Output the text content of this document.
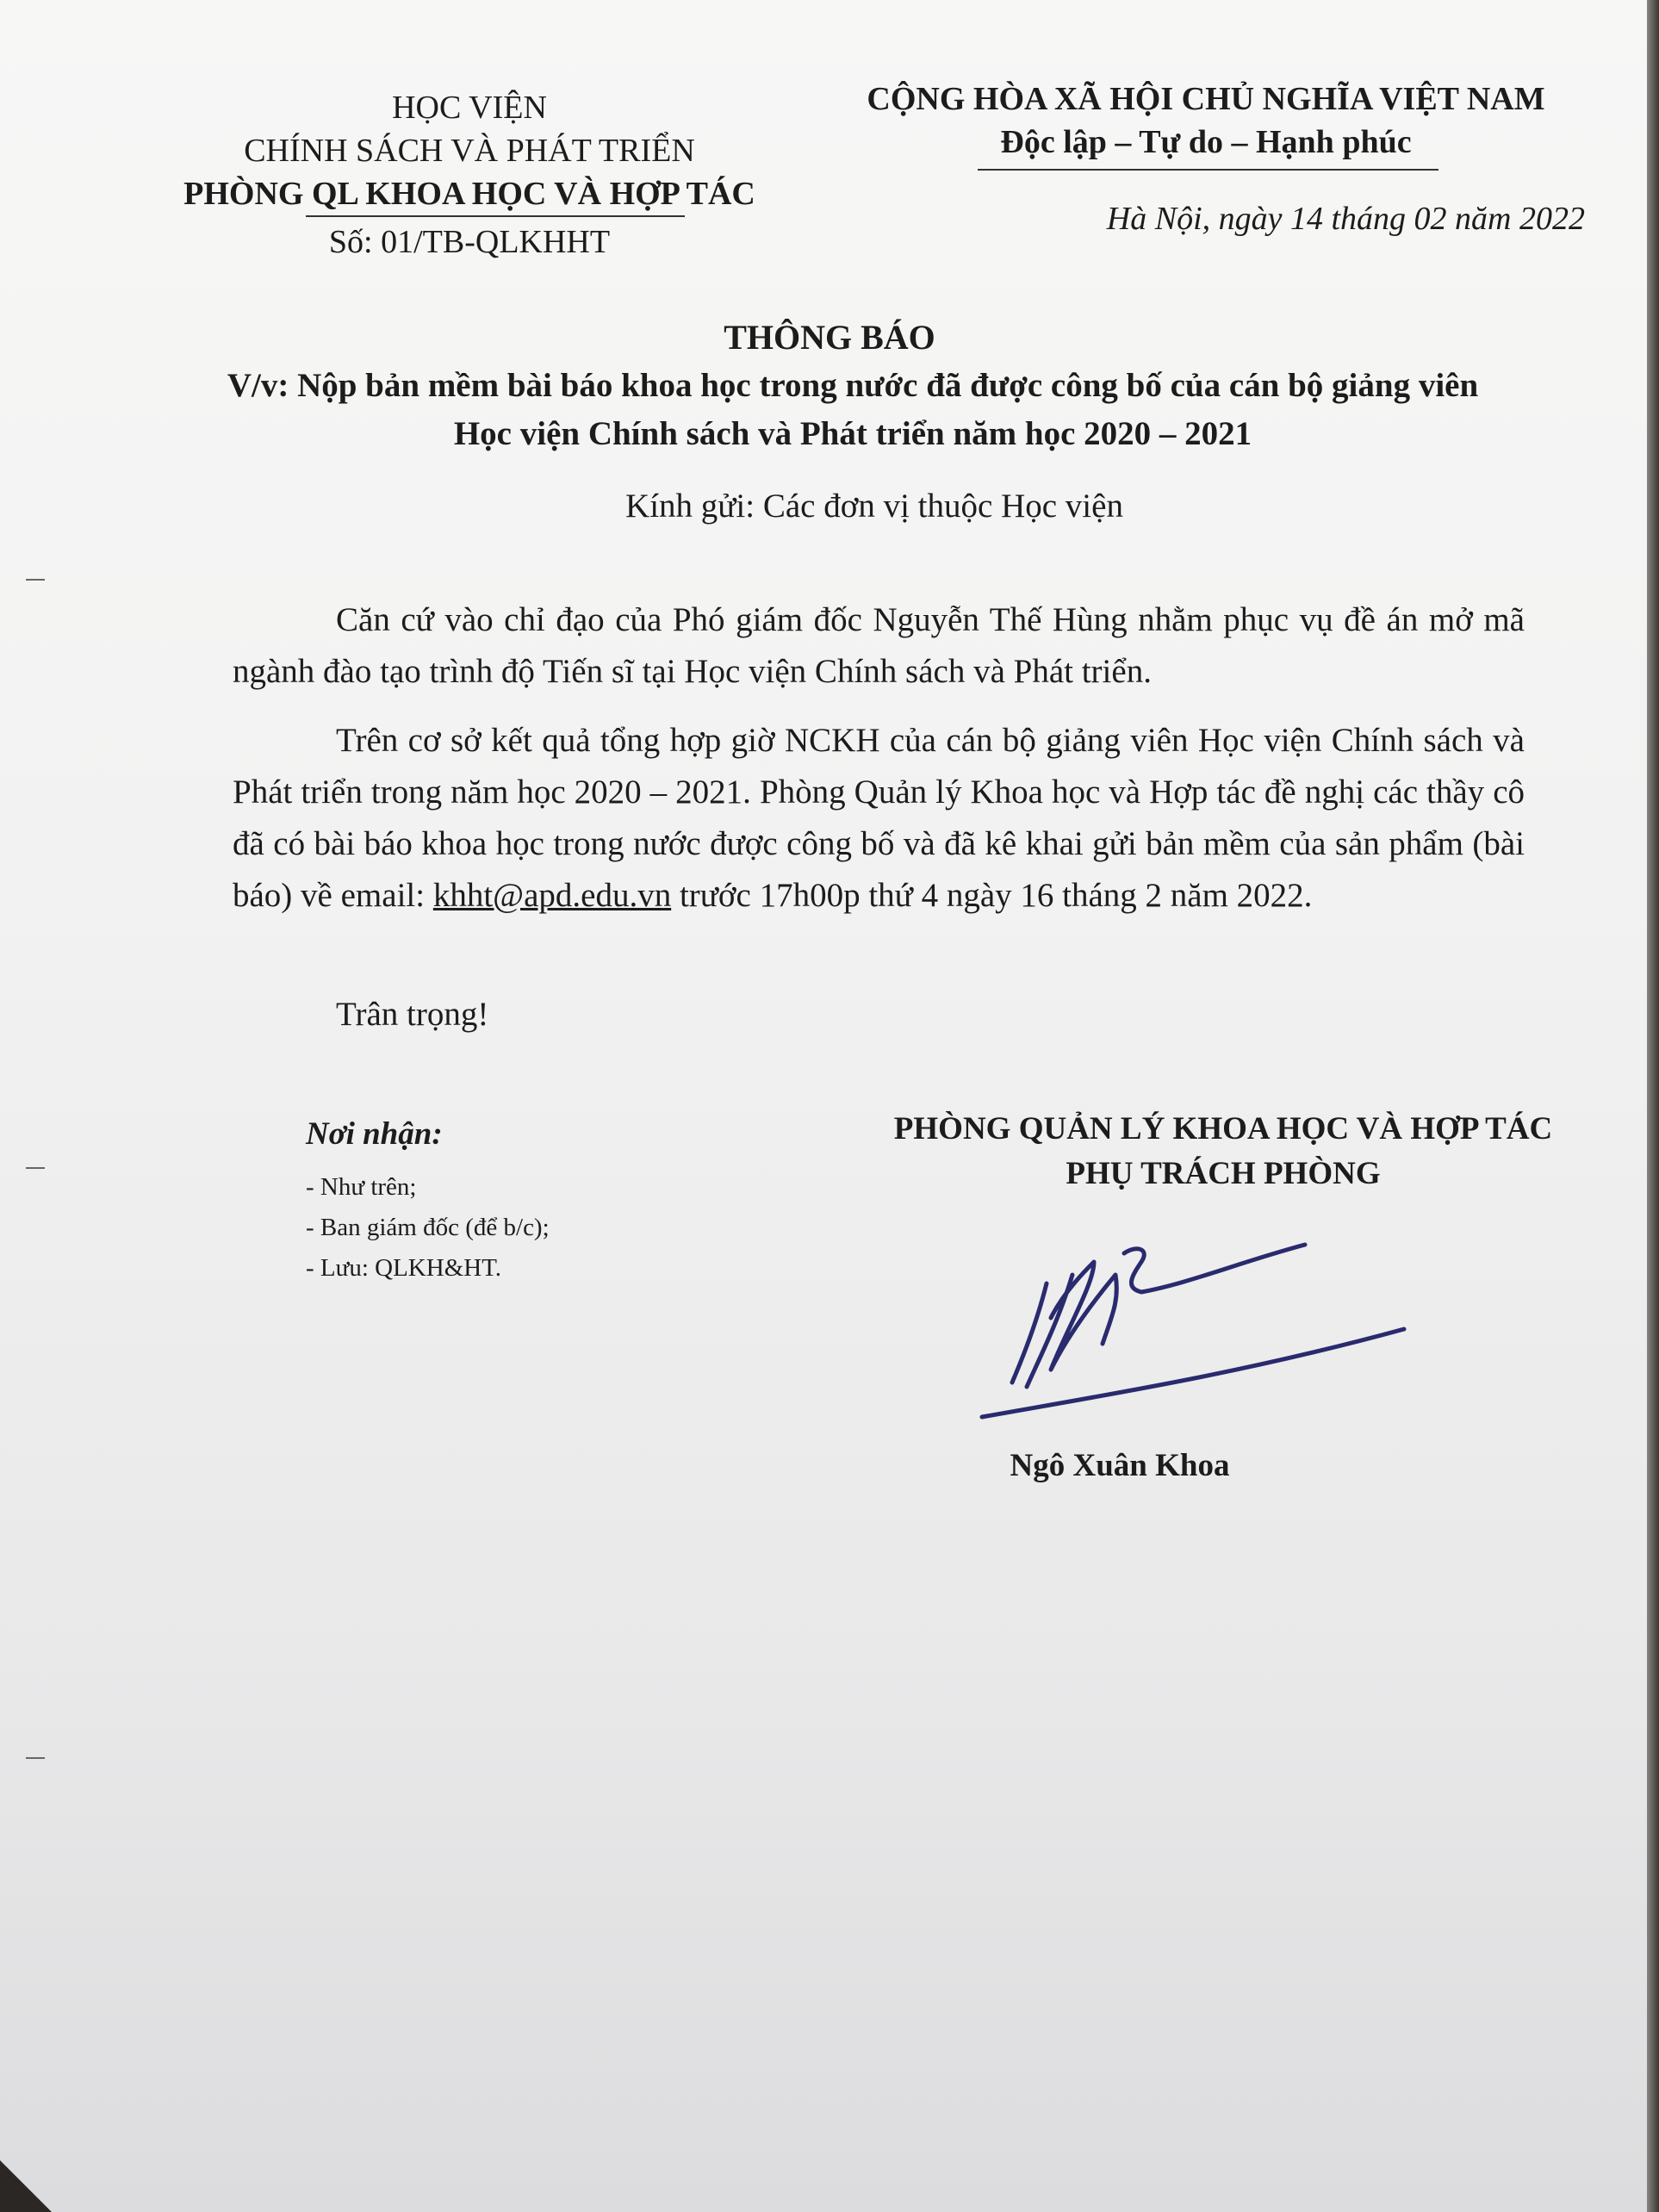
HỌC VIỆN
CHÍNH SÁCH VÀ PHÁT TRIỂN
PHÒNG QL KHOA HỌC VÀ HỢP TÁC
Số: 01/TB-QLKHHT
CỘNG HÒA XÃ HỘI CHỦ NGHĨA VIỆT NAM
Độc lập – Tự do – Hạnh phúc
Hà Nội, ngày 14 tháng 02 năm 2022
THÔNG BÁO
V/v: Nộp bản mềm bài báo khoa học trong nước đã được công bố của cán bộ giảng viên Học viện Chính sách và Phát triển năm học 2020 – 2021
Kính gửi: Các đơn vị thuộc Học viện
Căn cứ vào chỉ đạo của Phó giám đốc Nguyễn Thế Hùng nhằm phục vụ đề án mở mã ngành đào tạo trình độ Tiến sĩ tại Học viện Chính sách và Phát triển.
Trên cơ sở kết quả tổng hợp giờ NCKH của cán bộ giảng viên Học viện Chính sách và Phát triển trong năm học 2020 – 2021. Phòng Quản lý Khoa học và Hợp tác đề nghị các thầy cô đã có bài báo khoa học trong nước được công bố và đã kê khai gửi bản mềm của sản phẩm (bài báo) về email: khht@apd.edu.vn trước 17h00p thứ 4 ngày 16 tháng 2 năm 2022.
Trân trọng!
Nơi nhận:
- Như trên;
- Ban giám đốc (để b/c);
- Lưu: QLKH&HT.
PHÒNG QUẢN LÝ KHOA HỌC VÀ HỢP TÁC
PHỤ TRÁCH PHÒNG
Ngô Xuân Khoa
